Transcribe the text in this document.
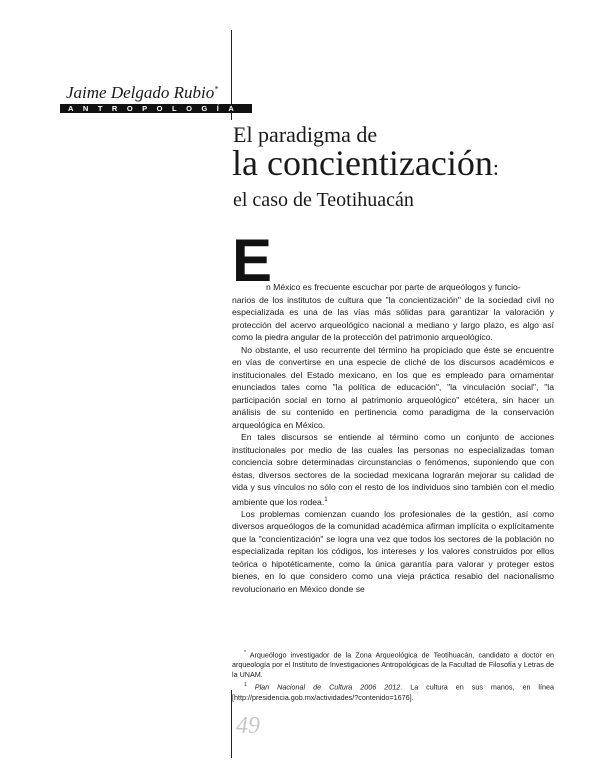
Jaime Delgado Rubio*
ANTROPOLOGÍA
El paradigma de
la concientización:
el caso de Teotihuacán
E
n México es frecuente escuchar por parte de arqueólogos y funcio-

narios de los institutos de cultura que "la concientización" de la sociedad civil no especializada es una de las vías más sólidas para garantizar la valoración y protección del acervo arqueológico nacional a mediano y largo plazo, es algo así como la piedra angular de la protección del patrimonio arqueológico.

No obstante, el uso recurrente del término ha propiciado que éste se encuentre en vías de convertirse en una especie de cliché de los discursos académicos e institucionales del Estado mexicano, en los que es empleado para ornamentar enunciados tales como "la política de educación", "la vinculación social", "la participación social en torno al patrimonio arqueológico" etcétera, sin hacer un análisis de su contenido en pertinencia como paradigma de la conservación arqueológica en México.

En tales discursos se entiende al término como un conjunto de acciones institucionales por medio de las cuales las personas no especializadas toman conciencia sobre determinadas circunstancias o fenómenos, suponiendo que con éstas, diversos sectores de la sociedad mexicana lograrán mejorar su calidad de vida y sus vínculos no sólo con el resto de los individuos sino también con el medio ambiente que los rodea.$^1$

Los problemas comienzan cuando los profesionales de la gestión, así como diversos arqueólogos de la comunidad académica afirman implícita o explícitamente que la "concientización" se logra una vez que todos los sectores de la población no especializada repitan los códigos, los intereses y los valores construidos por ellos teórica o hipotéticamente, como la única garantía para valorar y proteger estos bienes, en lo que considero como una vieja práctica resabio del nacionalismo revolucionario en México donde se

* Arqueólogo investigador de la Zona Arqueológica de Teotihuacán, candidato a doctor en arqueología por el Instituto de Investigaciones Antropológicas de la Facultad de Filosofía y Letras de la UNAM.

$^1$ Plan Nacional de Cultura 2006 2012. La cultura en sus manos, en línea [http://presidencia.gob.mx/actividades/?contenido=1676].

49
